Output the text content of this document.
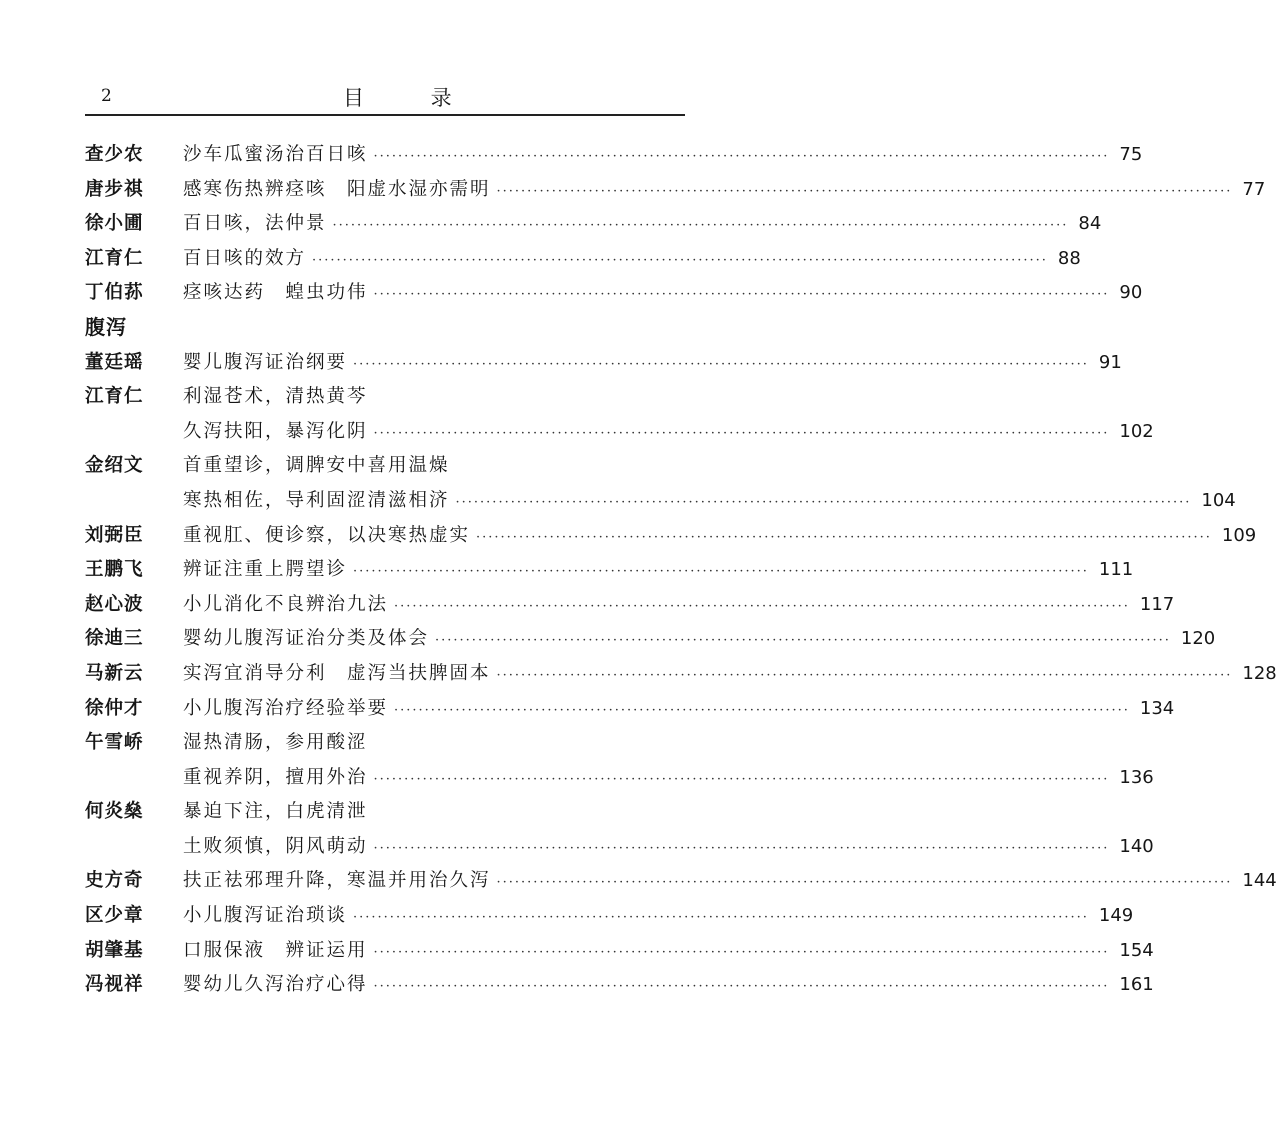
2	目 录
查少农	沙车瓜蜜汤治百日咳 ························································································································ 75
唐步祺	感寒伤热辨痉咳　阳虚水湿亦需明 ························································································································ 77
徐小圃	百日咳，法仲景 ························································································································ 84
江育仁	百日咳的效方 ························································································································ 88
丁伯荪	痉咳达药　蝗虫功伟 ························································································································ 90
腹泻
董廷瑶	婴儿腹泻证治纲要 ························································································································ 91
江育仁	利湿苍术，清热黄芩
久泻扶阳，暴泻化阴 ························································································································ 102
金绍文	首重望诊，调脾安中喜用温燥
寒热相佐，导利固涩清滋相济 ························································································································ 104
刘弼臣	重视肛、便诊察，以决寒热虚实 ························································································································ 109
王鹏飞	辨证注重上腭望诊 ························································································································ 111
赵心波	小儿消化不良辨治九法 ························································································································ 117
徐迪三	婴幼儿腹泻证治分类及体会 ························································································································ 120
马新云	实泻宜消导分利　虚泻当扶脾固本 ························································································································ 128
徐仲才	小儿腹泻治疗经验举要 ························································································································ 134
午雪峤	湿热清肠，参用酸涩
重视养阴，擅用外治 ························································································································ 136
何炎燊	暴迫下注，白虎清泄
土败须慎，阴风萌动 ························································································································ 140
史方奇	扶正祛邪理升降，寒温并用治久泻 ························································································································ 144
区少章	小儿腹泻证治琐谈 ························································································································ 149
胡肇基	口服保液　辨证运用 ························································································································ 154
冯视祥	婴幼儿久泻治疗心得 ························································································································ 161
